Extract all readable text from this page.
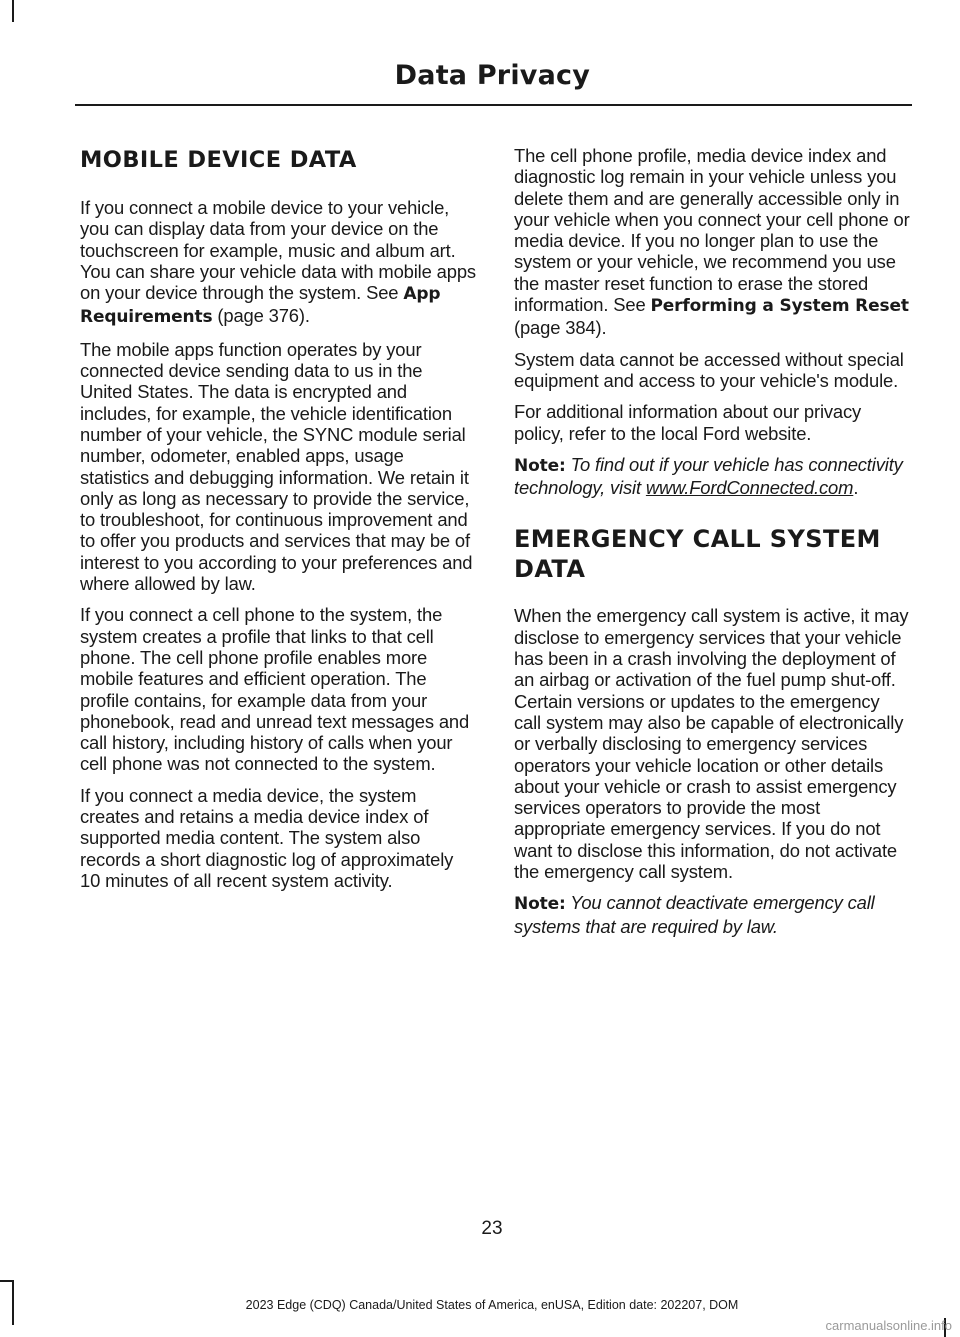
Data Privacy
MOBILE DEVICE DATA

If you connect a mobile device to your vehicle, you can display data from your device on the touchscreen for example, music and album art. You can share your vehicle data with mobile apps on your device through the system. See App Requirements (page 376).

The mobile apps function operates by your connected device sending data to us in the United States. The data is encrypted and includes, for example, the vehicle identification number of your vehicle, the SYNC module serial number, odometer, enabled apps, usage statistics and debugging information. We retain it only as long as necessary to provide the service, to troubleshoot, for continuous improvement and to offer you products and services that may be of interest to you according to your preferences and where allowed by law.

If you connect a cell phone to the system, the system creates a profile that links to that cell phone. The cell phone profile enables more mobile features and efficient operation. The profile contains, for example data from your phonebook, read and unread text messages and call history, including history of calls when your cell phone was not connected to the system.

If you connect a media device, the system creates and retains a media device index of supported media content. The system also records a short diagnostic log of approximately 10 minutes of all recent system activity.

The cell phone profile, media device index and diagnostic log remain in your vehicle unless you delete them and are generally accessible only in your vehicle when you connect your cell phone or media device. If you no longer plan to use the system or your vehicle, we recommend you use the master reset function to erase the stored information. See Performing a System Reset (page 384).

System data cannot be accessed without special equipment and access to your vehicle's module.

For additional information about our privacy policy, refer to the local Ford website.

Note: To find out if your vehicle has connectivity technology, visit www.FordConnected.com.

EMERGENCY CALL SYSTEM
DATA

When the emergency call system is active, it may disclose to emergency services that your vehicle has been in a crash involving the deployment of an airbag or activation of the fuel pump shut-off. Certain versions or updates to the emergency call system may also be capable of electronically or verbally disclosing to emergency services operators your vehicle location or other details about your vehicle or crash to assist emergency services operators to provide the most appropriate emergency services. If you do not want to disclose this information, do not activate the emergency call system.

Note: You cannot deactivate emergency call systems that are required by law.

23
2023 Edge (CDQ) Canada/United States of America, enUSA, Edition date: 202207, DOM
carmanualsonline.info
